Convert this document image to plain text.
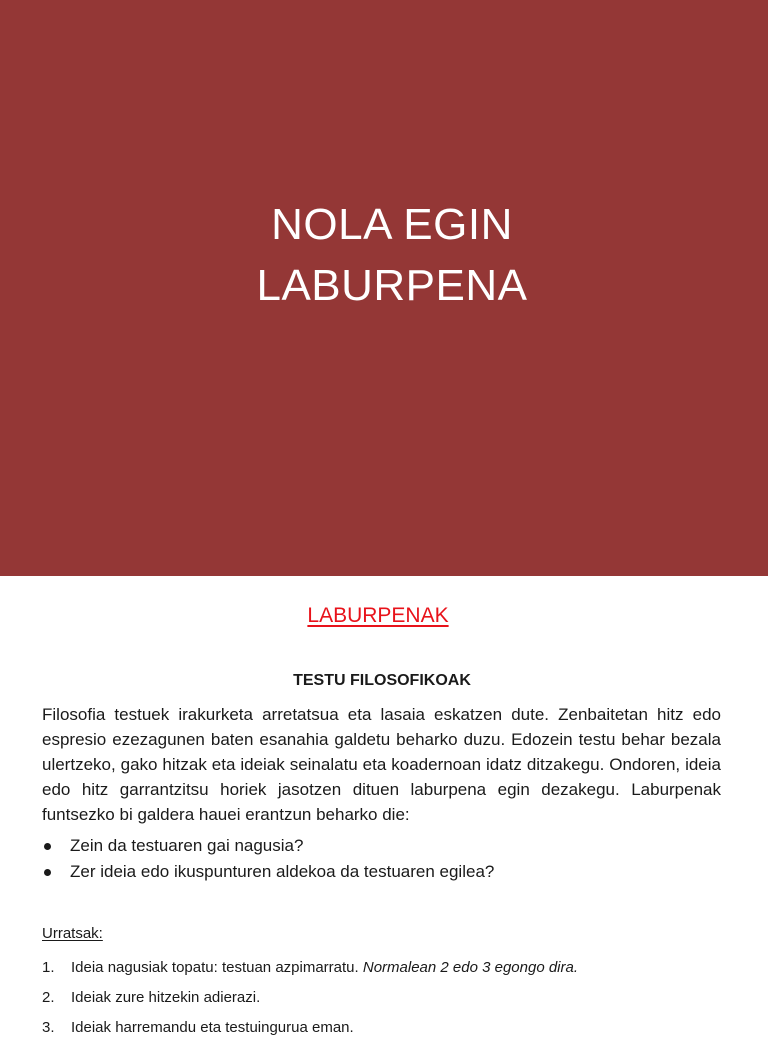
NOLA EGIN
LABURPENA
LABURPENAK
TESTU FILOSOFIKOAK

Filosofia testuek irakurketa arretatsua eta lasaia eskatzen dute. Zenbaitetan hitz edo espresio ezezagunen baten esanahia galdetu beharko duzu. Edozein testu behar bezala ulertzeko, gako hitzak eta ideiak seinalatu eta koadernoan idatz ditzakegu. Ondoren, ideia edo hitz garrantzitsu horiek jasotzen dituen laburpena egin dezakegu. Laburpenak funtsezko bi galdera hauei erantzun beharko die:

Zein da testuaren gai nagusia?
Zer ideia edo ikuspunturen aldekoa da testuaren egilea?
Urratsak:
1. Ideia nagusiak topatu: testuan azpimarratu. Normalean 2 edo 3 egongo dira.
2. Ideiak zure hitzekin adierazi.
3. Ideiak harremandu eta testuingurua eman.
